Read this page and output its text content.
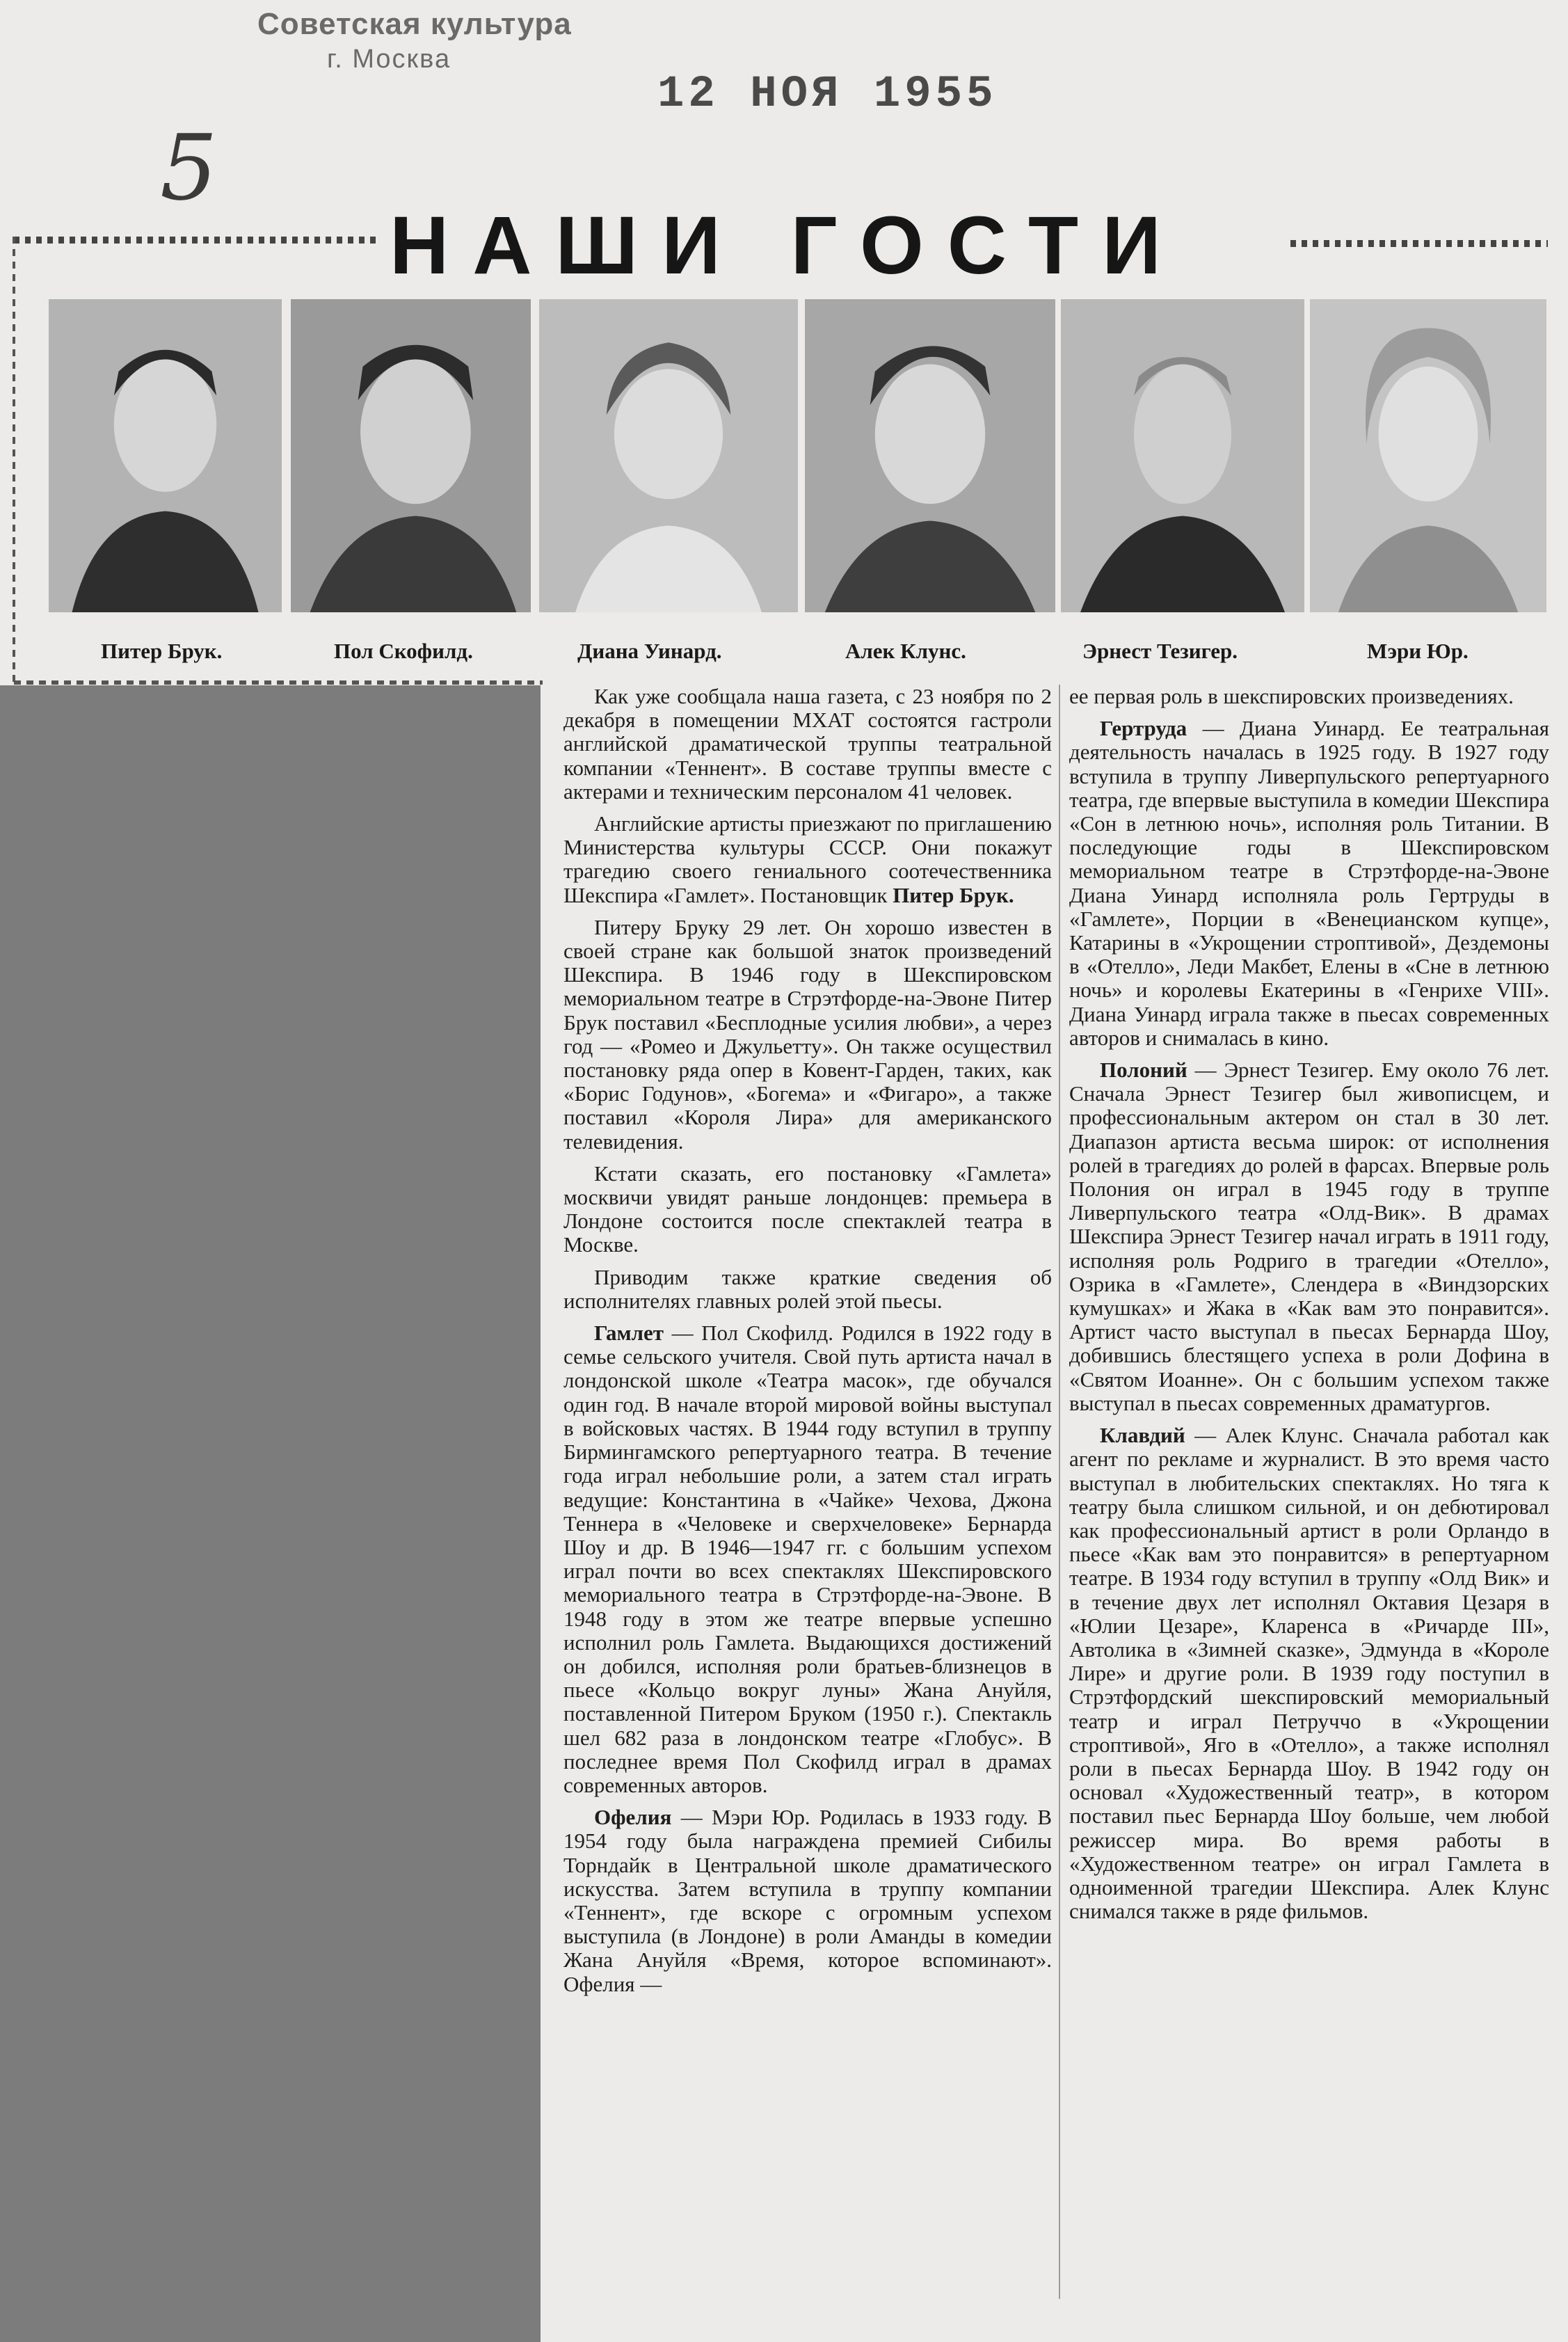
Советская культура
г. Москва
12 НОЯ 1955
5
НАШИ ГОСТИ
Питер Брук.	Пол Скофилд.	Диана Уинард.	Алек Клунс.	Эрнест Тезигер.	Мэри Юр.

Как уже сообщала наша газета, с 23 ноября по 2 декабря в помещении МХАТ состоятся гастроли английской драматической труппы театральной компании «Теннент». В составе труппы вместе с актерами и техническим персоналом 41 человек.

Английские артисты приезжают по приглашению Министерства культуры СССР. Они покажут трагедию своего гениального соотечественника Шекспира «Гамлет». Постановщик Питер Брук.

Питеру Бруку 29 лет. Он хорошо известен в своей стране как большой знаток произведений Шекспира. В 1946 году в Шекспировском мемориальном театре в Стрэтфорде-на-Эвоне Питер Брук поставил «Бесплодные усилия любви», а через год — «Ромео и Джульетту». Он также осуществил постановку ряда опер в Ковент-Гарден, таких, как «Борис Годунов», «Богема» и «Фигаро», а также поставил «Короля Лира» для американского телевидения.

Кстати сказать, его постановку «Гамлета» москвичи увидят раньше лондонцев: премьера в Лондоне состоится после спектаклей театра в Москве.

Приводим также краткие сведения об исполнителях главных ролей этой пьесы.

Гамлет — Пол Скофилд. Родился в 1922 году в семье сельского учителя. Свой путь артиста начал в лондонской школе «Театра масок», где обучался один год. В начале второй мировой войны выступал в войсковых частях. В 1944 году вступил в труппу Бирмингамского репертуарного театра. В течение года играл небольшие роли, а затем стал играть ведущие: Константина в «Чайке» Чехова, Джона Теннера в «Человеке и сверхчеловеке» Бернарда Шоу и др. В 1946—1947 гг. с большим успехом играл почти во всех спектаклях Шекспировского мемориального театра в Стрэтфорде-на-Эвоне. В 1948 году в этом же театре впервые успешно исполнил роль Гамлета. Выдающихся достижений он добился, исполняя роли братьев-близнецов в пьесе «Кольцо вокруг луны» Жана Ануйля, поставленной Питером Бруком (1950 г.). Спектакль шел 682 раза в лондонском театре «Глобус». В последнее время Пол Скофилд играл в драмах современных авторов.

Офелия — Мэри Юр. Родилась в 1933 году. В 1954 году была награждена премией Сибилы Торндайк в Центральной школе драматического искусства. Затем вступила в труппу компании «Теннент», где вскоре с огромным успехом выступила (в Лондоне) в роли Аманды в комедии Жана Ануйля «Время, которое вспоминают». Офелия —

ее первая роль в шекспировских произведениях.

Гертруда — Диана Уинард. Ее театральная деятельность началась в 1925 году. В 1927 году вступила в труппу Ливерпульского репертуарного театра, где впервые выступила в комедии Шекспира «Сон в летнюю ночь», исполняя роль Титании. В последующие годы в Шекспировском мемориальном театре в Стрэтфорде-на-Эвоне Диана Уинард исполняла роль Гертруды в «Гамлете», Порции в «Венецианском купце», Катарины в «Укрощении строптивой», Дездемоны в «Отелло», Леди Макбет, Елены в «Сне в летнюю ночь» и королевы Екатерины в «Генрихе VIII». Диана Уинард играла также в пьесах современных авторов и снималась в кино.

Полоний — Эрнест Тезигер. Ему около 76 лет. Сначала Эрнест Тезигер был живописцем, и профессиональным актером он стал в 30 лет. Диапазон артиста весьма широк: от исполнения ролей в трагедиях до ролей в фарсах. Впервые роль Полония он играл в 1945 году в труппе Ливерпульского театра «Олд-Вик». В драмах Шекспира Эрнест Тезигер начал играть в 1911 году, исполняя роль Родриго в трагедии «Отелло», Озрика в «Гамлете», Слендера в «Виндзорских кумушках» и Жака в «Как вам это понравится». Артист часто выступал в пьесах Бернарда Шоу, добившись блестящего успеха в роли Дофина в «Святом Иоанне». Он с большим успехом также выступал в пьесах современных драматургов.

Клавдий — Алек Клунс. Сначала работал как агент по рекламе и журналист. В это время часто выступал в любительских спектаклях. Но тяга к театру была слишком сильной, и он дебютировал как профессиональный артист в роли Орландо в пьесе «Как вам это понравится» в репертуарном театре. В 1934 году вступил в труппу «Олд Вик» и в течение двух лет исполнял Октавия Цезаря в «Юлии Цезаре», Кларенса в «Ричарде III», Автолика в «Зимней сказке», Эдмунда в «Короле Лире» и другие роли. В 1939 году поступил в Стрэтфордский шекспировский мемориальный театр и играл Петруччо в «Укрощении строптивой», Яго в «Отелло», а также исполнял роли в пьесах Бернарда Шоу. В 1942 году он основал «Художественный театр», в котором поставил пьес Бернарда Шоу больше, чем любой режиссер мира. Во время работы в «Художественном театре» он играл Гамлета в одноименной трагедии Шекспира. Алек Клунс снимался также в ряде фильмов.
